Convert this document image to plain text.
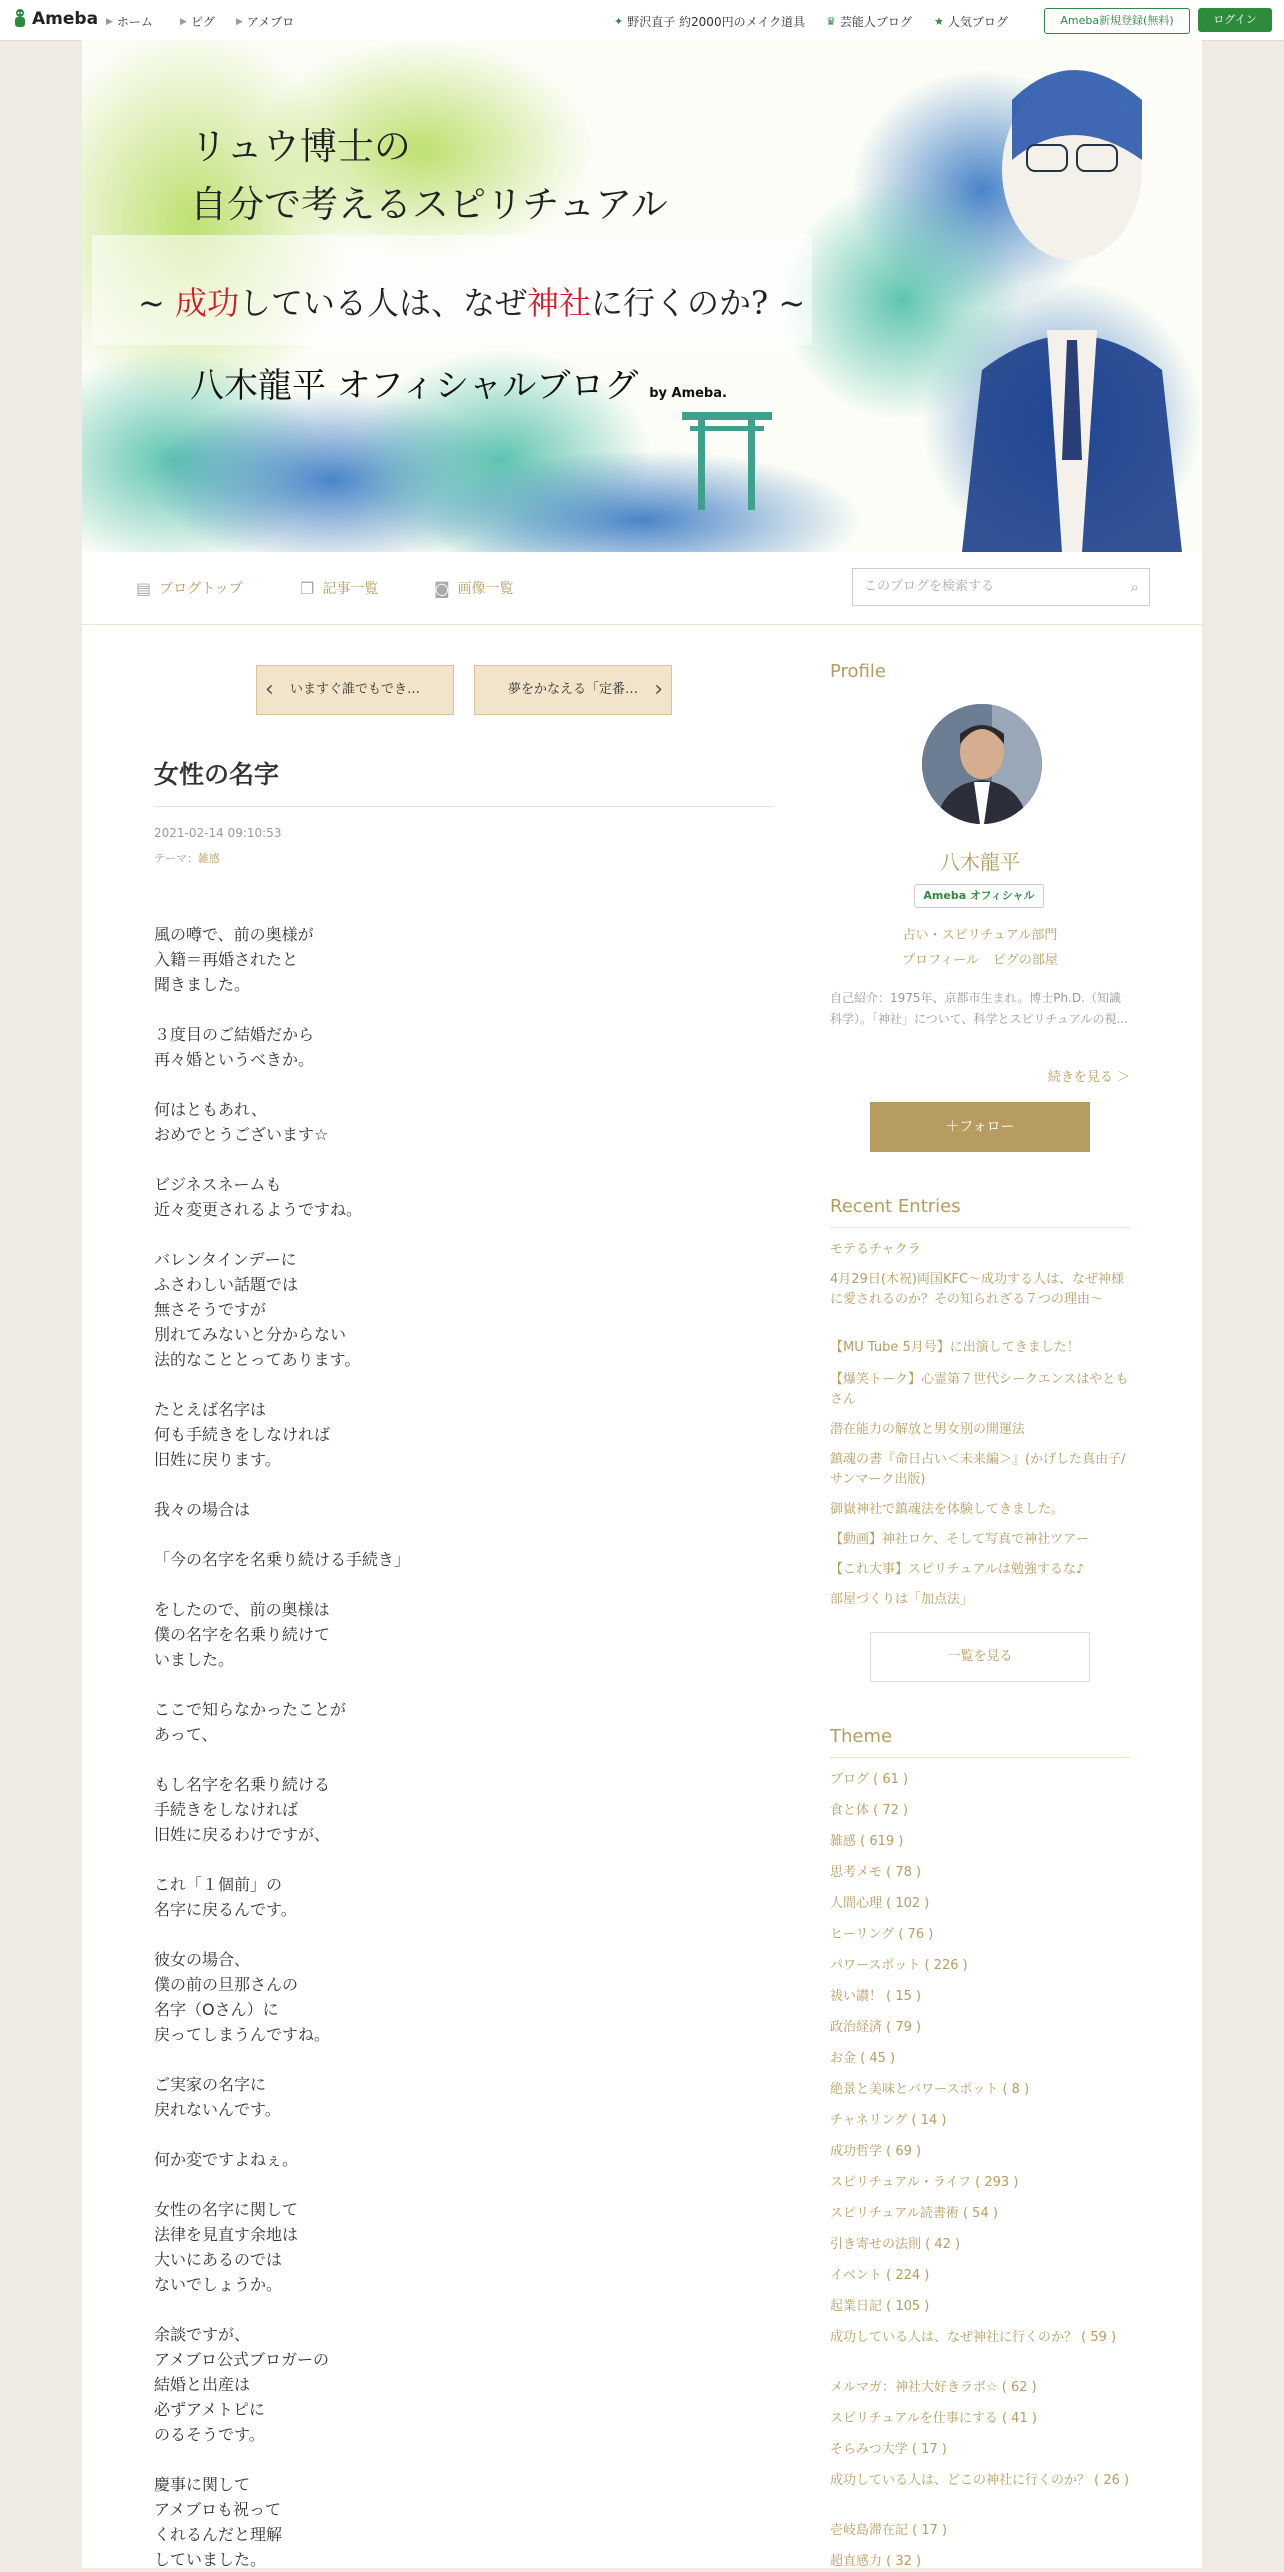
Ameba ▶ ホーム	▶ ピグ ▶ アメブロ	✦ 野沢直子 約2000円のメイク道具 ♛ 芸能人ブログ ★ 人気ブログ	Ameba新規登録(無料)	ログイン
リュウ博士の
自分で考えるスピリチュアル
~ 成功している人は、なぜ神社に行くのか? ~
八木龍平 オフィシャルブログ by Ameba.
▤ ブログトップ	❐ 記事一覧	◙ 画像一覧	このブログを検索する	⌕
‹ いますぐ誰でもでき…	夢をかなえる「定番… ›
女性の名字
2021-02-14 09:10:53
テーマ：雑感

風の噂で、前の奥様が

入籍＝再婚されたと

聞きました。

３度目のご結婚だから

再々婚というべきか。

何はともあれ、

おめでとうございます☆

ビジネスネームも

近々変更されるようですね。

バレンタインデーに

ふさわしい話題では

無さそうですが

別れてみないと分からない

法的なこととってあります。

たとえば名字は

何も手続きをしなければ

旧姓に戻ります。

我々の場合は

「今の名字を名乗り続ける手続き」

をしたので、前の奥様は

僕の名字を名乗り続けて

いました。

ここで知らなかったことが

あって、

もし名字を名乗り続ける

手続きをしなければ

旧姓に戻るわけですが、

これ「１個前」の

名字に戻るんです。

彼女の場合、

僕の前の旦那さんの

名字（Oさん）に

戻ってしまうんですね。

ご実家の名字に

戻れないんです。

何か変ですよねぇ。

女性の名字に関して

法律を見直す余地は

大いにあるのでは

ないでしょうか。

余談ですが、

アメブロ公式ブロガーの

結婚と出産は

必ずアメトピに

のるそうです。

慶事に関して

アメブロも祝って

くれるんだと理解

していました。

Profile
八木龍平
Ameba オフィシャル
占い・スピリチュアル部門
プロフィール ピグの部屋
自己紹介：1975年、京都市生まれ。博士Ph.D.（知識科学）。「神社」について、科学とスピリチュアルの視...
続きを見る ＞
＋フォロー
Recent Entries
モテるチャクラ
4月29日(木祝)両国KFC〜成功する人は、なぜ神様に愛されるのか？その知られざる７つの理由〜
【MU Tube 5月号】に出演してきました！
【爆笑トーク】心霊第７世代シークエンスはやともさん
潜在能力の解放と男女別の開運法
鎮魂の書『命日占い＜未来編＞』(かげした真由子/サンマーク出版)
御嶽神社で鎮魂法を体験してきました。
【動画】神社ロケ、そして写真で神社ツアー
【これ大事】スピリチュアルは勉強するな♪
部屋づくりは「加点法」
一覧を見る
Theme
ブログ ( 61 )
食と体 ( 72 )
雑感 ( 619 )
思考メモ ( 78 )
人間心理 ( 102 )
ヒーリング ( 76 )
パワースポット ( 226 )
祓い讃！ ( 15 )
政治経済 ( 79 )
お金 ( 45 )
絶景と美味とパワースポット ( 8 )
チャネリング ( 14 )
成功哲学 ( 69 )
スピリチュアル・ライフ ( 293 )
スピリチュアル読書術 ( 54 )
引き寄せの法則 ( 42 )
イベント ( 224 )
起業日記 ( 105 )
成功している人は、なぜ神社に行くのか？ ( 59 )
メルマガ：神社大好きラボ☆ ( 62 )
スピリチュアルを仕事にする ( 41 )
そらみつ大学 ( 17 )
成功している人は、どこの神社に行くのか？ ( 26 )
壱岐島滞在記 ( 17 )
超直感力 ( 32 )
